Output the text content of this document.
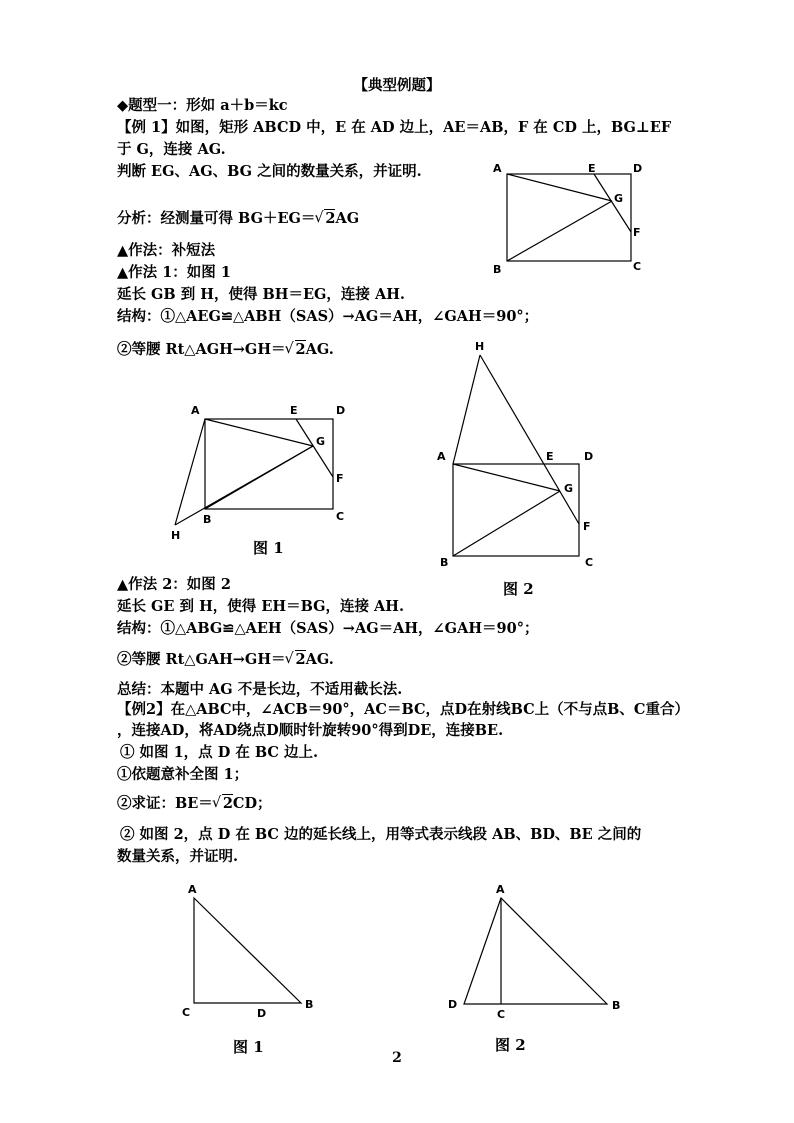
【典型例题】
◆题型一：形如 a＋b＝kc
【例 1】如图，矩形 ABCD 中，E 在 AD 边上，AE＝AB，F 在 CD 上，BG⊥EF
于 G，连接 AG.
判断 EG、AG、BG 之间的数量关系，并证明.
分析：经测量可得 BG＋EG＝ √ 2AG
▲作法：补短法
▲作法 1：如图 1
延长 GB 到 H，使得 BH＝EG，连接 AH.
结构：①△AEG≌△ABH（SAS）→AG＝AH，∠GAH＝90°；
②等腰 Rt△AGH→GH＝ √ 2AG.
▲作法 2：如图 2
延长 GE 到 H，使得 EH＝BG，连接 AH.
结构：①△ABG≌△AEH（SAS）→AG＝AH，∠GAH＝90°；
②等腰 Rt△GAH→GH＝ √ 2AG.
总结：本题中 AG 不是长边，不适用截长法.
【例2】在△ABC中，∠ACB＝90°，AC＝BC，点D在射线BC上（不与点B、C重合）
，连接AD，将AD绕点D顺时针旋转90°得到DE，连接BE.
① 如图 1，点 D 在 BC 边上.
①依题意补全图 1；
②求证：BE＝ √ 2CD；
② 如图 2，点 D 在 BC 边的延长线上，用等式表示线段 AB、BD、BE 之间的
数量关系，并证明.
A	E	D
G
F
B	C
A	E	D
G
F
B	C
H
H
A	E	D
G
F
B	C
A
C	D
B
A
D
C
B
图 1
图 2
图 1	图 2
2
